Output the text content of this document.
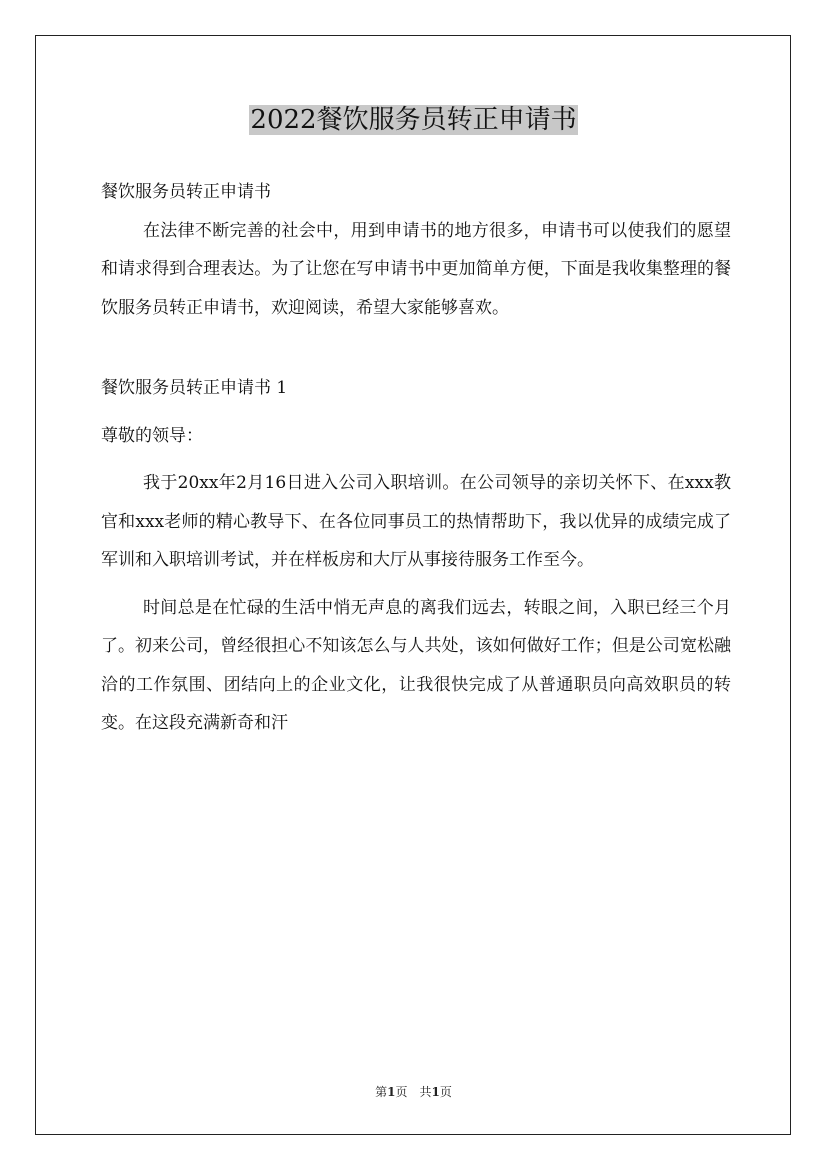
2022餐饮服务员转正申请书

餐饮服务员转正申请书

在法律不断完善的社会中，用到申请书的地方很多，申请书可以使我们的愿望和请求得到合理表达。为了让您在写申请书中更加简单方便，下面是我收集整理的餐饮服务员转正申请书，欢迎阅读，希望大家能够喜欢。

餐饮服务员转正申请书 1

尊敬的领导：

我于20xx年2月16日进入公司入职培训。在公司领导的亲切关怀下、在xxx教官和xxx老师的精心教导下、在各位同事员工的热情帮助下，我以优异的成绩完成了军训和入职培训考试，并在样板房和大厅从事接待服务工作至今。

时间总是在忙碌的生活中悄无声息的离我们远去，转眼之间，入职已经三个月了。初来公司，曾经很担心不知该怎么与人共处，该如何做好工作；但是公司宽松融洽的工作氛围、团结向上的企业文化，让我很快完成了从普通职员向高效职员的转变。在这段充满新奇和汗

第1页　共1页
